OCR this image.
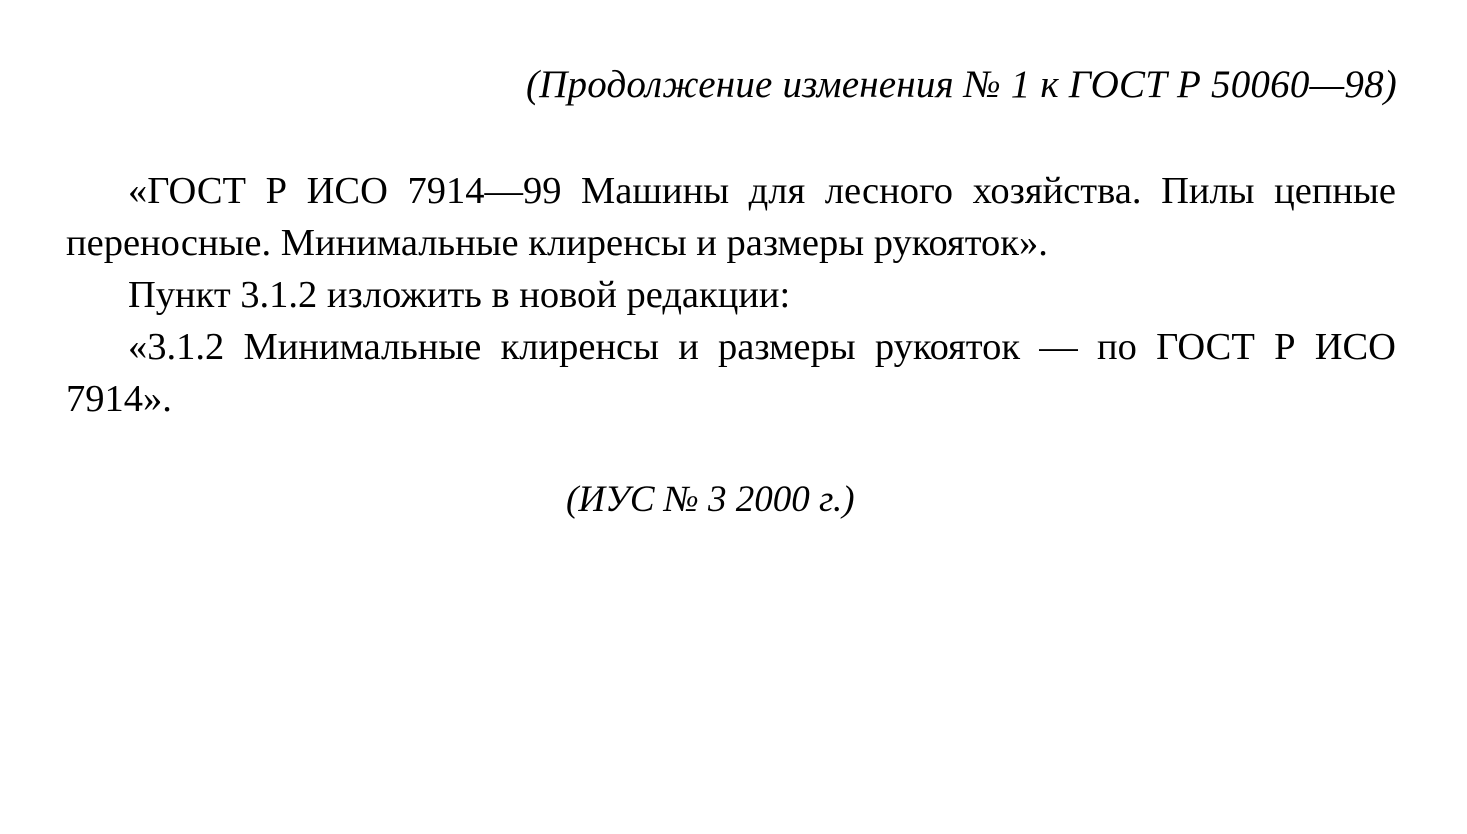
(Продолжение изменения № 1 к ГОСТ Р 50060—98)

«ГОСТ Р ИСО 7914—99 Машины для лесного хозяйства. Пилы цепные переносные. Минимальные клиренсы и размеры рукояток».

Пункт 3.1.2 изложить в новой редакции:

«3.1.2 Минимальные клиренсы и размеры рукояток — по ГОСТ Р ИСО 7914».

(ИУС № 3 2000 г.)
